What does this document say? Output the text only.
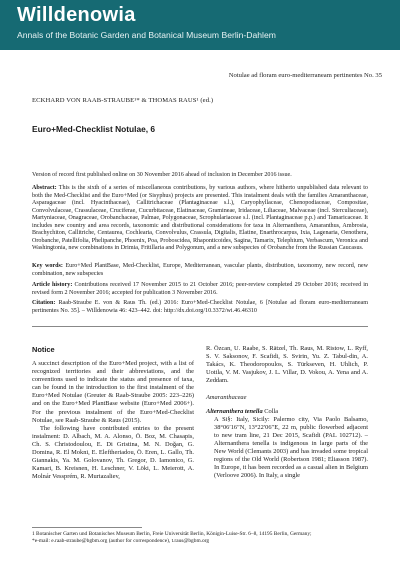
Willdenowia
Annals of the Botanic Garden and Botanical Museum Berlin-Dahlem
Notulae ad floram euro-mediterraneam pertinentes No. 35
ECKHARD VON RAAB-STRAUBE¹* & THOMAS RAUS¹ (ed.)
Euro+Med-Checklist Notulae, 6
Version of record first published online on 30 November 2016 ahead of inclusion in December 2016 issue.
Abstract: This is the sixth of a series of miscellaneous contributions, by various authors, where hitherto unpublished data relevant to both the Med-Checklist and the Euro+Med (or Sisyphus) projects are presented. This instalment deals with the families Amaranthaceae, Asparagaceae (incl. Hyacinthaceae), Callitrichaceae (Plantaginaceae s.l.), Caryophyllaceae, Chenopodiaceae, Compositae, Convolvulaceae, Crassulaceae, Cruciferae, Cucurbitaceae, Elatinaceae, Gramineae, Iridaceae, Liliaceae, Malvaceae (incl. Sterculiaceae), Martyniaceae, Onagraceae, Orobanchaceae, Palmae, Polygonaceae, Scrophulariaceae s.l. (incl. Plantaginaceae p.p.) and Tamaricaceae. It includes new country and area records, taxonomic and distributional considerations for taxa in Alternanthera, Amaranthus, Ambrosia, Brachychiton, Callitriche, Centaurea, Cochlearia, Convolvulus, Crassula, Digitalis, Elatine, Enarthrocarpus, Ixia, Lagenaria, Oenothera, Orobanche, Patellifolia, Phelipanche, Phoenix, Poa, Proboscidea, Rhaponticoides, Sagina, Tamarix, Telephium, Verbascum, Veronica and Washingtonia, new combinations in Drimia, Fritillaria and Polygonum, and a new subspecies of Orobanche from the Russian Caucasus.
Key words: Euro+Med PlantBase, Med-Checklist, Europe, Mediterranean, vascular plants, distribution, taxonomy, new record, new combination, new subspecies
Article history: Contributions received 17 November 2015 to 21 October 2016; peer-review completed 29 October 2016; received in revised form 2 November 2016; accepted for publication 3 November 2016.
Citation: Raab-Straube E. von & Raus Th. (ed.) 2016: Euro+Med-Checklist Notulae, 6 [Notulae ad floram euro-mediterraneam pertinentes No. 35]. – Willdenowia 46: 423–442. doi: http://dx.doi.org/10.3372/wi.46.46310
Notice

A succinct description of the Euro+Med project, with a list of recognized territories and their abbreviations, and the conventions used to indicate the status and presence of taxa, can be found in the introduction to the first instalment of the Euro+Med Notulae (Greuter & Raab-Straube 2005: 223–226) and on the Euro+Med PlantBase website (Euro+Med 2006+). For the previous instalment of the Euro+Med-Checklist Notulae, see Raab-Straube & Raus (2015).

The following have contributed entries to the present instalment: D. Albach, M. A. Alonso, Ö. Boz, M. Chasapis, Ch. S. Christodoulou, E. Di Gristina, M. N. Doğan, G. Domina, R. El Mokni, E. Eleftheriadou, Ö. Eren, L. Gallo, Th. Giannakis, Ya. M. Golovanov, Th. Gregor, D. Iamonico, G. Kamari, B. Kreisnen, H. Leschner, V. Löki, L. Meierott, A. Molnár Vessprém, R. Murtazaliev,

R. Özcan, U. Raabe, S. Rätzel, Th. Raus, M. Ristow, L. Ryff, S. V. Saksonov, F. Scafidi, S. Svirin, Yu. Z. Tabul-din, A. Takács, K. Theodoropoulos, S. Türkseven, H. Uhlich, P. Uotila, V. M. Vasjukov, J. L. Villar, D. Vokou, A. Yena and A. Zeddam.

Amaranthaceae

Alternanthera tenella Colla

A Si§: Italy, Sicily: Palermo city, Via Paolo Balsamo, 38°06′16″N, 13°22′06″E, 22 m, public flowerbed adjacent to new tram line, 21 Dec 2015, Scafidi (PAL 102712). – Alternanthera tenella is indigenous in large parts of the New World (Clemants 2003) and has invaded some tropical regions of the Old World (Robertson 1981; Eliasson 1987). In Europe, it has been recorded as a casual alien in Belgium (Verloove 2006). In Italy, a single

1 Botanischer Garten und Botanisches Museum Berlin, Freie Universität Berlin, Königin-Luise-Str. 6–8, 14195 Berlin, Germany;
*e-mail: e.raab-straube@bgbm.org (author for correspondence), t.raus@bgbm.org
